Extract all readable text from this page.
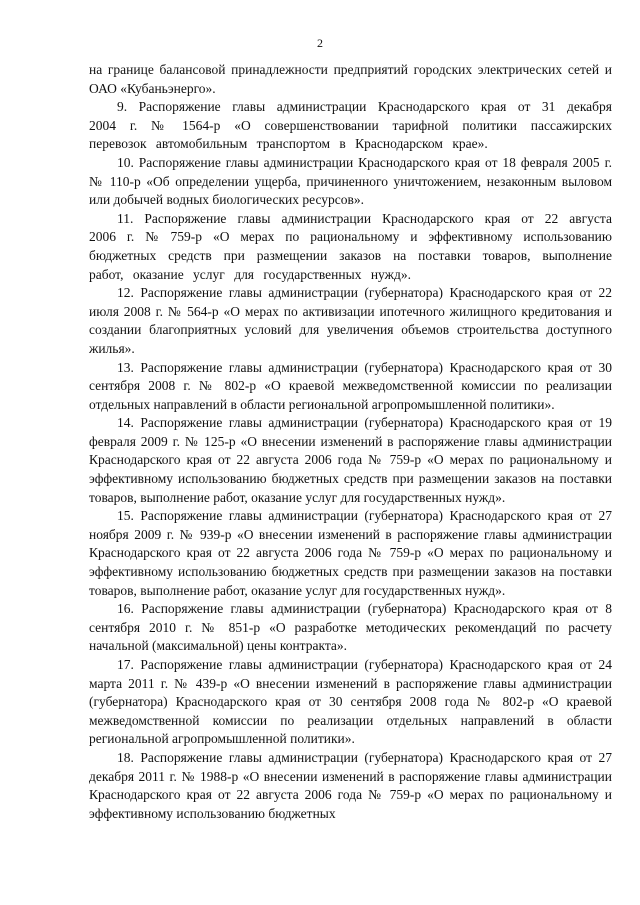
2

на границе балансовой принадлежности предприятий городских электрических сетей и ОАО «Кубаньэнерго».

9. Распоряжение главы администрации Краснодарского края от 31 декабря 2004 г. № 1564-р «О совершенствовании тарифной политики пассажирских перевозок автомобильным транспортом в Краснодарском крае».

10. Распоряжение главы администрации Краснодарского края от 18 февраля 2005 г. № 110-р «Об определении ущерба, причиненного уничтожением, незаконным выловом или добычей водных биологических ресурсов».

11. Распоряжение главы администрации Краснодарского края от 22 августа 2006 г. № 759-р «О мерах по рациональному и эффективному использованию бюджетных средств при размещении заказов на поставки товаров, выполнение работ, оказание услуг для государственных нужд».

12. Распоряжение главы администрации (губернатора) Краснодарского края от 22 июля 2008 г. № 564-р «О мерах по активизации ипотечного жилищного кредитования и создании благоприятных условий для увеличения объемов строительства доступного жилья».

13. Распоряжение главы администрации (губернатора) Краснодарского края от 30 сентября 2008 г. № 802-р «О краевой межведомственной комиссии по реализации отдельных направлений в области региональной агропромышленной политики».

14. Распоряжение главы администрации (губернатора) Краснодарского края от 19 февраля 2009 г. № 125-р «О внесении изменений в распоряжение главы администрации Краснодарского края от 22 августа 2006 года № 759-р «О мерах по рациональному и эффективному использованию бюджетных средств при размещении заказов на поставки товаров, выполнение работ, оказание услуг для государственных нужд».

15. Распоряжение главы администрации (губернатора) Краснодарского края от 27 ноября 2009 г. № 939-р «О внесении изменений в распоряжение главы администрации Краснодарского края от 22 августа 2006 года № 759-р «О мерах по рациональному и эффективному использованию бюджетных средств при размещении заказов на поставки товаров, выполнение работ, оказание услуг для государственных нужд».

16. Распоряжение главы администрации (губернатора) Краснодарского края от 8 сентября 2010 г. № 851-р «О разработке методических рекомендаций по расчету начальной (максимальной) цены контракта».

17. Распоряжение главы администрации (губернатора) Краснодарского края от 24 марта 2011 г. № 439-р «О внесении изменений в распоряжение главы администрации (губернатора) Краснодарского края от 30 сентября 2008 года № 802-р «О краевой межведомственной комиссии по реализации отдельных направлений в области региональной агропромышленной политики».

18. Распоряжение главы администрации (губернатора) Краснодарского края от 27 декабря 2011 г. № 1988-р «О внесении изменений в распоряжение главы администрации Краснодарского края от 22 августа 2006 года № 759-р «О мерах по рациональному и эффективному использованию бюджетных
